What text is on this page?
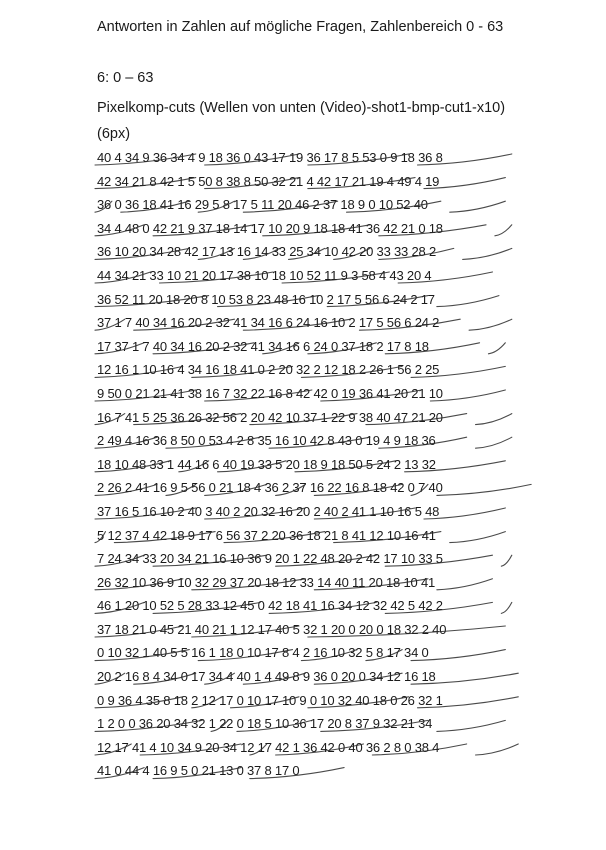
Antworten in Zahlen auf mögliche Fragen, Zahlenbereich 0 - 63
6: 0 – 63
Pixelkomp-cuts (Wellen von unten (Video)-shot1-bmp-cut1-x10)(6px)
40 4 34 9 36 34 4 9 18 36 0 43 17 19 36 17 8 5 53 0 9 18 36 8
42 34 21 8 42 1 5 50 8 38 8 50 32 21 4 42 17 21 19 4 49 4 19
36 0 36 18 41 16 29 5 8 17 5 11 20 46 2 37 18 9 0 10 52 40
34 4 48 0 42 21 9 37 18 14 17 10 20 9 18 18 41 36 42 21 0 18
36 10 20 34 28 42 17 13 16 14 33 25 34 10 42 20 33 33 28 2
44 34 21 33 10 21 20 17 38 10 18 10 52 11 9 3 58 4 43 20 4
36 52 11 20 18 20 8 10 53 8 23 48 16 10 2 17 5 56 6 24 2 17
37 1 7 40 34 16 20 2 32 41 34 16 6 24 16 10 2 17 5 56 6 24 2
17 37 1 7 40 34 16 20 2 32 41 34 16 6 24 0 37 18 2 17 8 18
12 16 1 10 16 4 34 16 18 41 0 2 20 32 2 12 18 2 26 1 56 2 25
9 50 0 21 21 41 38 16 7 32 22 16 8 42 42 0 19 36 41 20 21 10
16 7 41 5 25 36 26 32 56 2 20 42 10 37 1 22 9 38 40 47 21 20
2 49 4 16 36 8 50 0 53 4 2 8 35 16 10 42 8 43 0 19 4 9 18 36
18 10 48 33 1 44 16 6 40 19 33 5 20 18 9 18 50 5 24 2 13 32
2 26 2 41 16 9 5 56 0 21 18 4 36 2 37 16 22 16 8 18 42 0 7 40
37 16 5 16 10 2 40 3 40 2 20 32 16 20 2 40 2 41 1 10 16 5 48
5 12 37 4 42 18 9 17 6 56 37 2 20 36 18 21 8 41 12 10 16 41
7 24 34 33 20 34 21 16 10 36 9 20 1 22 48 20 2 42 17 10 33 5
26 32 10 36 9 10 32 29 37 20 18 12 33 14 40 11 20 18 10 41
46 1 20 10 52 5 28 33 12 45 0 42 18 41 16 34 12 32 42 5 42 2
37 18 21 0 45 21 40 21 1 12 17 40 5 32 1 20 0 20 0 18 32 2 40
0 10 32 1 40 5 5 16 1 18 0 10 17 8 4 2 16 10 32 5 8 17 34 0
20 2 16 8 4 34 0 17 34 4 40 1 4 49 8 9 36 0 20 0 34 12 16 18
0 9 36 4 35 8 18 2 12 17 0 10 17 10 9 0 10 32 40 18 0 26 32 1
1 2 0 0 36 20 34 32 1 22 0 18 5 10 36 17 20 8 37 9 32 21 34
12 17 41 4 10 34 9 20 34 12 17 42 1 36 42 0 40 36 2 8 0 38 4
41 0 44 4 16 9 5 0 21 13 0 37 8 17 0
